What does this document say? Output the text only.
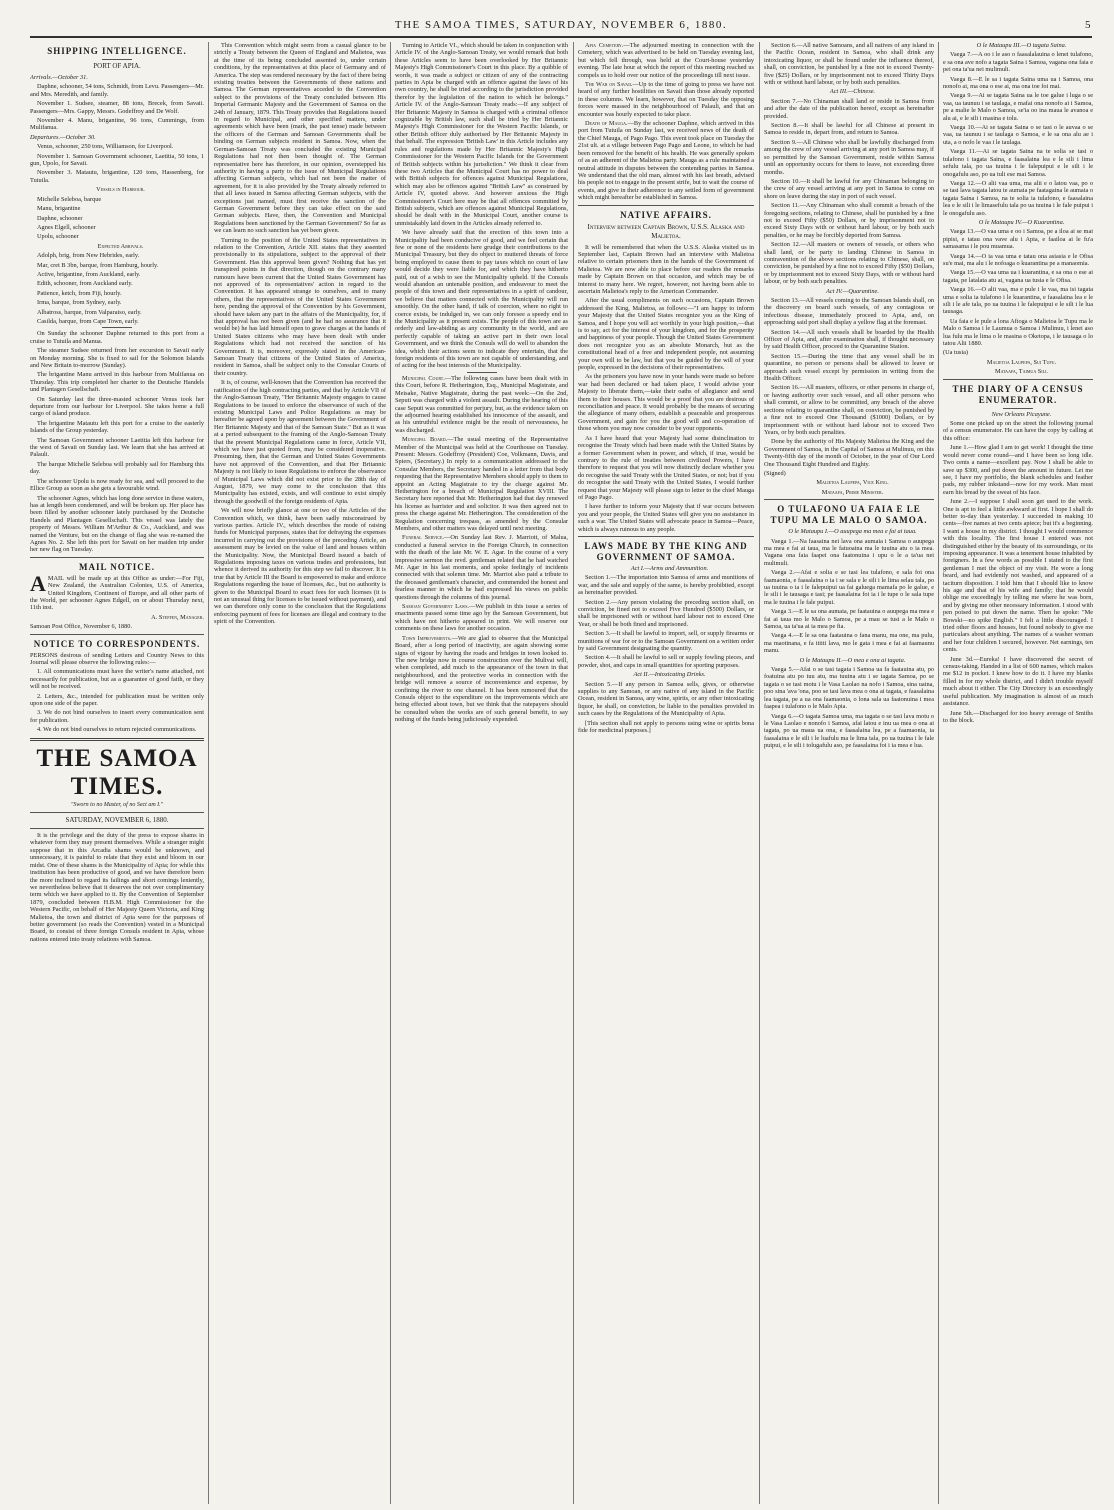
THE SAMOA TIMES, SATURDAY, NOVEMBER 6, 1880.	5
SHIPPING INTELLIGENCE.
PORT OF APIA.

Arrivals.—October 31.

Daphne, schooner, 54 tons, Schmidt, from Levu. Passengers—Mr. and Mrs. Meredith, and family.

November 1. Sudsee, steamer, 88 tons, Brecek, from Savaii. Passengers—Mrs. Gappy, Messrs. Godeffroy and De Wolf.

November 4. Manu, brigantine, 96 tons, Cummings, from Mulifanua.

Departures.—October 30.

Venus, schooner, 250 tons, Williamson, for Liverpool.

November 1. Samoan Government schooner, Laetitia, 50 tons, 1 gun, Upolo, for Savaii.

November 3. Matautu, brigantine, 120 tons, Hassenberg, for Tutuila.

Vessels in Harbour.

Michelle Seleboa, barque

Manu, brigantine

Daphne, schooner

Agnes Elgell, schooner

Upolu, schooner

Expected Arrivals.

Adolph, brig, from New Hebrides, early.

Mar, cret B 3bn, barque, from Hamburg, hourly.

Active, brigantine, from Auckland, early.

Edith, schooner, from Auckland early.

Patience, ketch, from Fiji, hourly.

Irma, barque, from Sydney, early.

Albatross, barque, from Valparaiso, early.

Casilda, barque, from Cape Town, early.

On Sunday the schooner Daphne returned to this port from a cruise to Tutuila and Manua.

The steamer Sudsee returned from her excursion to Savaii early on Monday morning. She is fixed to sail for the Solomon Islands and New Britain to-morrow (Sunday).

The brigantine Manu arrived in this harbour from Mulifanua on Thursday. This trip completed her charter to the Deutsche Handels und Plantagen Gesellschaft.

On Saturday last the three-masted schooner Venus took her departure from our harbour for Liverpool. She takes home a full cargo of island produce.

The brigantine Matautu left this port for a cruise to the easterly Islands of the Group yesterday.

The Samoan Government schooner Laetitia left this harbour for the west of Savaii on Sunday last. We learn that she has arrived at Palauli.

The barque Michelle Seleboa will probably sail for Hamburg this day.

The schooner Upolu is now ready for sea, and will proceed to the Ellice Group as soon as she gets a favourable wind.

The schooner Agnes, which has long done service in these waters, has at length been condemned, and will be broken up. Her place has been filled by another schooner lately purchased by the Deutsche Handels and Plantagen Gesellschaft. This vessel was lately the property of Messrs. William M'Arthur & Co., Auckland, and was named the Venture, but on the change of flag she was re-named the Agnes No. 2. She left this port for Savaii on her maiden trip under her new flag on Tuesday.

MAIL NOTICE.

AMAIL will be made up at this Office as under:—For Fiji, New Zealand, the Australian Colonies, U.S. of America, United Kingdom, Continent of Europe, and all other parts of the World, per schooner Agnes Edgell, on or about Thursday next, 11th inst.

A. Steffen, Manager.

Samoan Post Office, November 6, 1880.

NOTICE TO CORRESPONDENTS.

PERSONS desirous of sending Letters and Country News to this Journal will please observe the following rules:—

1. All communications must have the writer's name attached, not necessarily for publication, but as a guarantee of good faith, or they will not be received.

2. Letters, &c., intended for publication must be written only upon one side of the paper.

3. We do not bind ourselves to insert every communication sent for publication.

4. We do not bind ourselves to return rejected communications.

THE SAMOA TIMES.
"Sworn to no Master, of no Sect am I."
SATURDAY, NOVEMBER 6, 1880.

It is the privilege and the duty of the press to expose shams in whatever form they may present themselves. While a stranger might suppose that in this Arcadia shams would be unknown, and unnecessary, it is painful to relate that they exist and bloom in our midst. One of these shams is the Municipality of Apia; for while this institution has been productive of good, and we have therefore been the more inclined to regard its failings and short comings leniently, we nevertheless believe that it deserves the not over complimentary term which we have applied to it. By the Convention of September 1879, concluded between H.B.M. High Commissioner for the Western Pacific, on behalf of Her Majesty Queen Victoria, and King Malietoa, the town and district of Apia were for the purposes of better government (so reads the Convention) vested in a Municipal Board, to consist of three foreign Consuls resident in Apia, whose nations entered into treaty relations with Samoa.

This Convention which might seem from a casual glance to be strictly a Treaty between the Queen of England and Malietoa, was at the time of its being concluded assented to, under certain conditions, by the representatives at this place of Germany and of America. The step was rendered necessary by the fact of there being existing treaties between the Governments of these nations and Samoa. The German representatives acceded to the Convention subject to the provisions of the Treaty concluded between His Imperial Germanic Majesty and the Government of Samoa on the 24th of January, 1879. This Treaty provides that Regulations issued in regard to Municipal, and other specified matters, under agreements which have been (mark, the past tense) made between the officers of the German and Samoan Governments shall be binding on German subjects resident in Samoa. Now, when the German-Samoan Treaty was concluded the existing Municipal Regulations had not then been thought of. The German representative here has therefore, in our opinion, overstepped his authority in having a party to the issue of Municipal Regulations affecting German subjects, which had not been the matter of agreement, for it is also provided by the Treaty already referred to that all laws issued in Samoa affecting German subjects, with the exceptions just named, must first receive the sanction of the German Government before they can take effect on the said German subjects. Have, then, the Convention and Municipal Regulations been sanctioned by the German Government? So far as we can learn no such sanction has yet been given.

Turning to the position of the United States representatives in relation to the Convention, Article XII. states that they assented provisionally to its stipulations, subject to the approval of their Government. Has this approval been given? Nothing that has yet transpired points in that direction, though on the contrary many rumours have been current that the United States Government has not approved of its representatives' action in regard to the Convention. It has appeared strange to ourselves, and to many others, that the representatives of the United States Government here, pending the approval of the Convention by his Government, should have taken any part in the affairs of the Municipality, for, if that approval has not been given (and he had no assurance that it would be) he has laid himself open to grave charges at the hands of United States citizens who may have been dealt with under Regulations which had not received the sanction of his Government. It is, moreover, expressly stated in the American-Samoan Treaty that citizens of the United States of America, resident in Samoa, shall be subject only to the Consular Courts of their country.

It is, of course, well-known that the Convention has received the ratification of the high contracting parties, and that by Article VII of the Anglo-Samoan Treaty, "Her Britannic Majesty engages to cause Regulations to be issued to enforce the observance of such of the existing Municipal Laws and Police Regulations as may be hereafter be agreed upon by agreement between the Government of Her Britannic Majesty and that of the Samoan State." But as it was at a period subsequent to the framing of the Anglo-Samoan Treaty that the present Municipal Regulations came in force, Article VII, which we have just quoted from, may be considered inoperative. Presuming, then, that the German and United States Governments have not approved of the Convention, and that Her Britannic Majesty is not likely to issue Regulations to enforce the observance of Municipal Laws which did not exist prior to the 28th day of August, 1879, we may come to the conclusion that this Municipality has existed, exists, and will continue to exist simply through the goodwill of the foreign residents of Apia.

We will now briefly glance at one or two of the Articles of the Convention which, we think, have been sadly misconstrued by various parties. Article IV., which describes the mode of raising funds for Municipal purposes, states that for defraying the expenses incurred in carrying out the provisions of the preceding Article, an assessment may be levied on the value of land and houses within the Municipality. Now, the Municipal Board issued a batch of Regulations imposing taxes on various trades and professions, but whence it derived its authority for this step we fail to discover. It is true that by Article III the Board is empowered to make and enforce Regulations regarding the issue of licenses, &c., but no authority is given to the Municipal Board to exact fees for such licenses (it is not an unusual thing for licenses to be issued without payment), and we can therefore only come to the conclusion that the Regulations enforcing payment of fees for licenses are illegal and contrary to the spirit of the Convention.

Turning to Article VI., which should be taken in conjunction with Article IV. of the Anglo-Samoan Treaty, we would remark that both these Articles seem to have been overlooked by Her Britannic Majesty's High Commissioner's Court in this place. By a quibble of words, it was made a subject or citizen of any of the contracting parties in Apia be charged with an offence against the laws of his own country, he shall be tried according to the jurisdiction provided therefor by the legislation of the nation to which he belongs." Article IV. of the Anglo-Samoan Treaty reads:—If any subject of Her Britannic Majesty in Samoa is charged with a criminal offence cognizable by British law, such shall be tried by Her Britannic Majesty's High Commissioner for the Western Pacific Islands, or other British officer duly authorised by Her Britannic Majesty in that behalf. The expression 'British Law' in this Article includes any rules and regulations made by Her Britannic Majesty's High Commissioner for the Western Pacific Islands for the Government of British subjects within his jurisdiction." We think it clear from these two Articles that the Municipal Court has no power to deal with British subjects for offences against Municipal Regulations, which may also be offences against "British Law" as construed by Article IV, quoted above. And however anxious the High Commissioner's Court here may be that all offences committed by British subjects, which are offences against Municipal Regulations, should be dealt with in the Municipal Court, another course is unmistakably laid down in the Articles already referred to.

We have already said that the erection of this town into a Municipality had been conducive of good, and we feel certain that few or none of the residents here grudge their contributions to the Municipal Treasury, but they do object to muttered threats of force being employed to cause them to pay taxes which no court of law would decide they were liable for, and which they have hitherto paid, out of a wish to see the Municipality upheld. If the Consuls would abandon an untenable position, and endeavour to meet the people of this town and their representatives in a spirit of candour, we believe that matters connected with the Municipality will run smoothly. On the other hand, if talk of coercion, where no right to coerce exists, be indulged in, we can only foresee a speedy end to the Municipality as it present exists. The people of this town are as orderly and law-abiding as any community in the world, and are perfectly capable of taking an active part in their own local Government, and we think the Consuls will do well to abandon the idea, which their actions seem to indicate they entertain, that the foreign residents of this town are not capable of understanding, and of acting for the best interests of the Municipality.

Municipal Court.—The following cases have been dealt with in this Court, before R. Hetherington, Esq., Municipal Magistrate, and Meisake, Native Magistrate, during the past week:—On the 2nd, Seputi was charged with a violent assault. During the hearing of this case Seputi was committed for perjury, but, as the evidence taken on the adjourned hearing established his innocence of the assault, and as his untruthful evidence might be the result of nervousness, he was discharged.

Municipal Board.—The usual meeting of the Representative Member of the Municipal was held at the Courthouse on Tuesday. Present: Messrs. Godeffroy (President) Coe, Volkmann, Davis, and Spiers, (Secretary.) In reply to a communication addressed to the Consular Members, the Secretary handed in a letter from that body requesting that the Representative Members should apply to them to appoint an Acting Magistrate to try the charge against Mr. Hetherington for a breach of Municipal Regulation XVIII. The Secretary here reported that Mr. Hetherington had that day renewed his license as barrister and and solicitor. It was then agreed not to press the charge against Mr. Hetherington. The consideration of the Regulation concerning trespass, as amended by the Consular Members, and other matters was delayed until next meeting.

Funeral Service.—On Sunday last Rev. J. Marriott, of Malua, conducted a funeral service in the Foreign Church, in connection with the death of the late Mr. W. E. Agar. In the course of a very impressive sermon the revd. gentleman related that he had watched Mr. Agar in his last moments, and spoke feelingly of incidents connected with that solemn time. Mr. Marriot also paid a tribute to the deceased gentleman's character, and commended the honest and fearless manner in which he had expressed his views on public questions through the columns of this journal.

Samoan Government Laws.—We publish in this issue a series of enactments passed some time ago by the Samoan Government, but which have not hitherto appeared in print. We will reserve our comments on these laws for another occasion.

Town Improvements.—We are glad to observe that the Municipal Board, after a long period of inactivity, are again showing some signs of vigour by having the roads and bridges in town looked to. The new bridge now in course construction over the Mulivai will, when completed, add much to the appearance of the town in that neighbourhood, and the protective works in connection with the bridge will remove a source of inconvenience and expense, by confining the river to one channel. It has been rumoured that the Consuls object to the expenditure on the improvements which are being effected about town, but we think that the ratepayers should be consulted when the works are of such general benefit, to say nothing of the funds being judiciously expended.

Apia Cemetery.—The adjourned meeting in connection with the Cemetery, which was advertised to be held on Tuesday evening last, but which fell through, was held at the Court-house yesterday evening. The late hour at which the report of this meeting reached us compels us to hold over our notice of the proceedings till next issue.

The War on Savaii.—Up to the time of going to press we have not heard of any further hostilities on Savaii than those already reported in these columns. We learn, however, that on Tuesday the opposing forces were massed in the neighbourhood of Palauli, and that an encounter was hourly expected to take place.

Death of Mauga.—By the schooner Daphne, which arrived in this port from Tutuila on Sunday last, we received news of the death of the Chief Mauga, of Pago Pago. This event took place on Tuesday the 21st ult. at a village between Pago Pago and Leone, to which he had been removed for the benefit of his health. He was generally spoken of as an adherent of the Malietoa party. Mauga as a rule maintained a neutral attitude in disputes between the contending parties in Samoa. We understand that the old man, almost with his last breath, advised his people not to engage in the present strife, but to wait the course of events, and give in their adherence to any settled form of government which might hereafter be established in Samoa.

NATIVE AFFAIRS.
Interview between Captain Brown, U.S.S. Alaska and Malietoa.

It will be remembered that when the U.S.S. Alaska visited us in September last, Captain Brown had an interview with Malietoa relative to certain prisoners then in the hands of the Government of Malietoa. We are now able to place before our readers the remarks made by Captain Brown on that occasion, and which may be of interest to many here. We regret, however, not having been able to ascertain Malietoa's reply to the American Commander.

After the usual compliments on such occasions, Captain Brown addressed the King, Malietoa, as follows:—"I am happy to inform your Majesty that the United States recognize you as the King of Samoa, and I hope you will act worthily in your high position,—that is to say, act for the interest of your kingdom, and for the prosperity and happiness of your people. Though the United States Government does not recognize you as an absolute Monarch, but as the constitutional head of a free and independent people, not assuming your own will to be law, but that you be guided by the will of your people, expressed in the decisions of their representatives.

As the prisoners you have now in your hands were made so before war had been declared or had taken place, I would advise your Majesty to liberate them,—take their oaths of allegiance and send them to their houses. This would be a proof that you are desirous of reconciliation and peace. It would probably be the means of securing the allegiance of many others, establish a peaceable and prosperous Government, and gain for you the good will and co-operation of those whom you may now consider to be your opponents.

As I have heard that your Majesty had some disinclination to recognise the Treaty which had been made with the United States by a former Government when in power, and which, if true, would be contrary to the rule of treaties between civilized Powers, I have therefore to request that you will now distinctly declare whether you do recognise the said Treaty with the United States, or not; but if you do recognise the said Treaty with the United States, I would further request that your Majesty will please sign to letter to the chief Mauga of Pago Pago.

I have further to inform your Majesty that if war occurs between you and your people, the United States will give you no assistance in such a war. The United States will advocate peace in Samoa—Peace, which is always ruinous to any people.

LAWS MADE BY THE KING AND GOVERNMENT OF SAMOA.

Act I.—Arms and Ammunition.

Section 1.—The importation into Samoa of arms and munitions of war, and the sale and supply of the same, is hereby prohibited, except as hereinafter provided.

Section 2.—Any person violating the preceding section shall, on conviction, be fined not to exceed Five Hundred ($500) Dollars, or shall be imprisoned with or without hard labour not to exceed One Year, or shall be both fined and imprisoned.

Section 3.—It shall be lawful to import, sell, or supply firearms or munitions of war for or to the Samoan Government on a written order by said Government designating the quantity.

Section 4.—It shall be lawful to sell or supply fowling pieces, and powder, shot, and caps in small quantities for sporting purposes.

Act II.—Intoxicating Drinks.

Section 5.—If any person in Samoa sells, gives, or otherwise supplies to any Samoan, or any native of any island in the Pacific Ocean, resident in Samoa, any wine, spirits, or any other intoxicating liquor, he shall, on conviction, be liable to the penalties provided in such cases by the Regulations of the Municipality of Apia.

[This section shall not apply to persons using wine or spirits bona fide for medicinal purposes.]

Section 6.—All native Samoans, and all natives of any island in the Pacific Ocean, resident in Samoa, who shall drink any intoxicating liquor, or shall be found under the influence thereof, shall, on conviction, be punished by a fine not to exceed Twenty-five ($25) Dollars, or by imprisonment not to exceed Thirty Days with or without hard labour, or by both such penalties.

Act III.—Chinese.

Section 7.—No Chinaman shall land or reside in Samoa from and after the date of the publication hereof, except as hereinafter provided.

Section 8.—It shall be lawful for all Chinese at present in Samoa to reside in, depart from, and return to Samoa.

Section 9.—All Chinese who shall be lawfully discharged from among the crew of any vessel arriving at any port in Samoa may, if so permitted by the Samoan Government, reside within Samoa until an opportunity occurs for them to leave, not exceeding three months.

Section 10.—It shall be lawful for any Chinaman belonging to the crew of any vessel arriving at any port in Samoa to come on shore on leave during the stay in port of such vessel.

Section 11.—Any Chinaman who shall commit a breach of the foregoing sections, relating to Chinese, shall be punished by a fine not to exceed Fifty ($50) Dollars, or by imprisonment not to exceed Sixty Days with or without hard labour, or by both such penalties, or he may be forcibly deported from Samoa.

Section 12.—All masters or owners of vessels, or others who shall land, or be party to landing Chinese in Samoa in contravention of the above sections relating to Chinese, shall, on conviction, be punished by a fine not to exceed Fifty ($50) Dollars, or by imprisonment not to exceed Sixty Days, with or without hard labour, or by both such penalties.

Act IV.—Quarantine.

Section 13.—All vessels coming to the Samoan Islands shall, on the discovery on board such vessels, of any contagious or infectious disease, immediately proceed to Apia, and, on approaching said port shall display a yellow flag at the foremast.

Section 14.—All such vessels shall be boarded by the Health Officer of Apia, and, after examination shall, if thought necessary by said Health Officer, proceed to the Quarantine Station.

Section 15.—During the time that any vessel shall be in quarantine, no person or persons shall be allowed to leave or approach such vessel except by permission in writing from the Health Officer.

Section 16.—All masters, officers, or other persons in charge of, or having authority over such vessel, and all other persons who shall commit, or allow to be committed, any breach of the above sections relating to quarantine shall, on conviction, be punished by a fine not to exceed One Thousand ($1000) Dollars, or by imprisonment with or without hard labour not to exceed Two Years, or by both such penalties.

Done by the authority of His Majesty Malietoa the King and the Government of Samoa, in the Capital of Samoa at Mulinuu, on this Twenty-fifth day of the month of October, in the year of Our Lord One Thousand Eight Hundred and Eighty.

(Signed)

Malietoa Laupepa, Vice King.

Mataafa, Prime Minister.

O TULAFONO UA FAIA E LE TUPU MA LE MALO O SAMOA.

O le Mataupu I.—O auupega ma mea e fai ai taua.

Vaega 1.—Na faasaina nei lava ona aumaia i Samoa o auupega ma mea e fai ai taua, ma le fatuoaina ma le tuuina atu o ia mea. Vagana ona faia faapei ona faatonuina i upu o le a ta'ua nei mulimuli.

Vaega 2.—Afai e solia e se tasi lea tulafono, e sala foi ona faamaonia, e faasalaina o ia i se sala e le sili i le lima selau tala, po ua tuuina o ia i le falepuipui ua fai galuega mamafa po le galue, e le sili i le tausaga e tasi; pe faasalaina foi ia i le tupe o le sala tupe ma le tuuina i le fale puipui.

Vaega 3.—E le sa ona aumaia, pe faatauina o auupega ma mea e fai ai taua mo le Malo o Samoa, pe a mau se tusi a le Malo o Samoa, ua ta'ua ai ia mea pe fia.

Vaega 4.—E le sa ona faatauina o fana manu, ma one, ma pulu, ma maotinana, e fa itiiti lava, mo le gata i mea e fai ai faamaunu manu.

O le Mataupu II.—O mea e ona ai tagata.

Vaega 5.—Afai o se tasi tagata i Samoa ua fa faatauina atu, po foatuina atu po tuu atu, ma tuuina atu i se tagata Samoa, po se tagata o se tasi motu i le Vasa Laolao na nofo i Samoa, sina uaina, poo sina 'ava 'ona, poo se tasi lava mea o ona ai tagata, e faasalaina lea tagata, pe a ua ona faamaonia, o lona sala ua faatonuina i mea faapea i tulafono o le Malo Apia.

Vaega 6.—O tagata Samoa uma, ma tagata o se tasi lava motu o le Vasa Laolao e nonofo i Samoa, afai latou e inu ua mea o ona ai tagata, po ua maua ua ona, e faasalaina lea, pe a faamaonia, ia faasalaina e le sili i le luafulu ma le lima tala, po ua tuuina i le fale puipui, e le sili i tolugafulu aso, pe faasalaina foi i ia mea e lua.

O le Mataupu III.—O tagata Saina.

Vaega 7.—A oo i le aso o faasalalauina o lenei tulafono, e sa ona ave nofo a tagata Saina i Samoa, vagana ona faia e pei ona ta'ua nei mulimuli.

Vaega 8.—E le sa i tagata Saina uma ua i Samoa, ona nonofo ai, ma ona o ese ai, ma ona toe foi mai.

Vaega 9.—Ai se tagata Saina ua le toe galue i luga o se vaa, ua taunuu i se taulaga, e mafai ona nonofo ai i Samoa, pe a malie le Malo o Samoa, se'ia oo ina maua le avanoa e alu ai, e le sili i masina e tolu.

Vaega 10.—Ai se tagata Saina o se tasi o le auvaa o se vaa, ua taunuu i se taulaga o Samoa, e le sa ona alu ae i uta, a o nofo le vaa i le taulaga.

Vaega 11.—Ai se tagata Saina na te solia se tasi o tulafono i tagata Saina, e faasalaina lea e le sili i lima sefulu tala, po ua tuuina i le falepuipui e le sili i le onogafulu aso, po ua tuli ese mai Samoa.

Vaega 12.—O alii vaa uma, ma alii e o latou vaa, po o se tasi lava tagata latou te aumaia pe faatagaina le aumaia o tagata Saina i Samoa, na te solia ia tulafono, e faasalaina lea e le sili i le limasefulu tala po ua tuuina i le fale puipui i le onogafulu aso.

O le Mataupu IV.—O Kuarantina.

Vaega 13.—O vaa uma e oo i Samoa, pe a iloa ai se mai pipisi, e tatau ona vave alu i Apia, e faailoa ai le fu'a samasama i le pou muamua.

Vaega 14.—O ia vaa uma e tatau ona asiasia e le Ofisa su'e mai, ma alu i le nofoaga o kuarantina pe a manaomia.

Vaega 15.—O vaa uma ua i kuarantina, e sa ona o ese ai tagata, pe latalata atu ai, vagana ua tusia e le Ofisa.

Vaega 16.—O alii vaa, ma e pule i le vaa, ma isi tagata uma e solia ia tulafono i le kuarantina, e faasalaina lea e le sili i le afe tala, po ua tuuina i le falepuipui e le sili i le lua tausaga.

Ua faia e le pule a lona Afioga o Malietoa le Tupu ma le Malo o Samoa i le Laumua o Samoa i Mulinuu, i lenei aso lua fulu ma le lima o le masina o Oketopa, i le tausaga o lo tatou Alii 1880.

(Ua tusia)

Malietoa Laupepa, Sui Tupu.

Mataafa, Taimua Sili.

THE DIARY OF A CENSUS ENUMERATOR.

New Orleans Picayune.

Some one picked up on the street the following journal of a census enumerator. He can have the copy by calling at this office:

June 1.—How glad I am to get work! I thought the time would never come round—and I have been so long idle. Two cents a name—excellent pay. Now I shall be able to save up $300, and put down the amount in future. Let me see, I have my portfolio, the blank schedules and feather pads, my rubber inkstand—now for my work. Man must earn his bread by the sweat of his face.

June 2.—I suppose I shall soon get used to the work. One is apt to feel a little awkward at first. I hope I shall do better to-day than yesterday. I succeeded in making 10 cents—five names at two cents apiece; but it's a beginning. I want a house in my district. I thought I would commence with this locality. The first house I entered was not distinguished either by the beauty of its surroundings, or its imposing appearance. It was a tenement house inhabited by foreigners. In a few words as possible I stated to the first gentleman I met the object of my visit. He wore a long beard, and had evidently not washed, and appeared of a taciturn disposition. I told him that I should like to know his age and that of his wife and family; that he would oblige me exceedingly by telling me where he was born, and by giving me other necessary information. I stood with pen poised to put down the name. Then he spoke: "Me Bowski—no spike English." I felt a little discouraged. I tried other floors and houses, but found nobody to give me particulars about anything. The names of a washer woman and her four children I secured, however. Net earnings, ten cents.

June 3d.—Eureka! I have discovered the secret of census-taking. Handed in a list of 600 names, which makes me $12 in pocket. I knew how to do it. I have my blanks filled in for my whole district, and I didn't trouble myself much about it either. The City Directory is an exceedingly useful publication. My imagination is almost of as much assistance.

June 5th.—Discharged for too heavy average of Smiths to the block.
